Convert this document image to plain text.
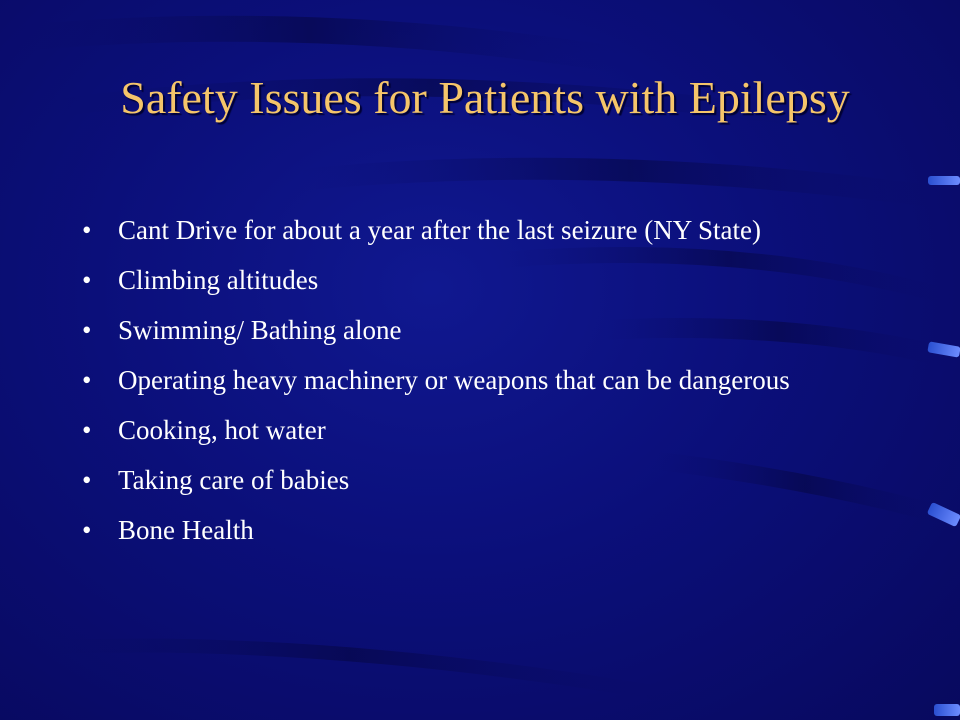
Safety Issues for Patients with Epilepsy
• Cant Drive for about a year after the last seizure (NY State)
• Climbing altitudes
• Swimming/ Bathing alone
• Operating heavy machinery or weapons that can be dangerous
• Cooking, hot water
• Taking care of babies
• Bone Health
